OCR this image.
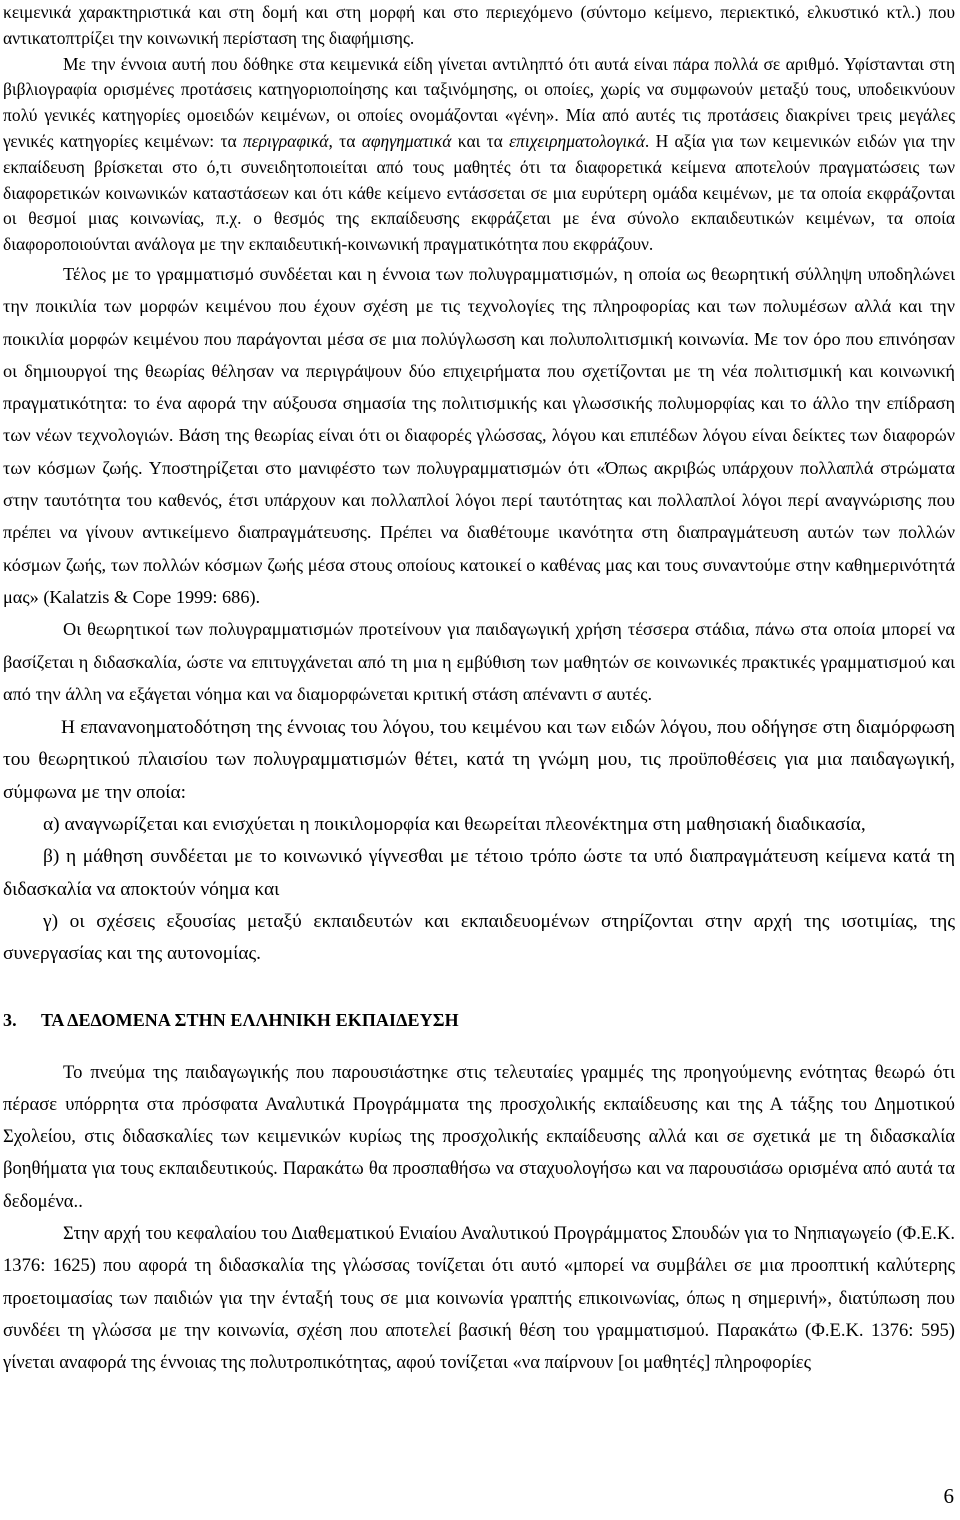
κειμενικά χαρακτηριστικά και στη δομή και στη μορφή και στο περιεχόμενο (σύντομο κείμενο, περιεκτικό, ελκυστικό κτλ.) που αντικατοπτρίζει την κοινωνική περίσταση της διαφήμισης.
Με την έννοια αυτή που δόθηκε στα κειμενικά είδη γίνεται αντιληπτό ότι αυτά είναι πάρα πολλά σε αριθμό. Υφίστανται στη βιβλιογραφία ορισμένες προτάσεις κατηγοριοποίησης και ταξινόμησης, οι οποίες, χωρίς να συμφωνούν μεταξύ τους, υποδεικνύουν πολύ γενικές κατηγορίες ομοειδών κειμένων, οι οποίες ονομάζονται «γένη». Μία από αυτές τις προτάσεις διακρίνει τρεις μεγάλες γενικές κατηγορίες κειμένων: τα περιγραφικά, τα αφηγηματικά και τα επιχειρηματολογικά. Η αξία για των κειμενικών ειδών για την εκπαίδευση βρίσκεται στο ό,τι συνειδητοποιείται από τους μαθητές ότι τα διαφορετικά κείμενα αποτελούν πραγματώσεις των διαφορετικών κοινωνικών καταστάσεων και ότι κάθε κείμενο εντάσσεται σε μια ευρύτερη ομάδα κειμένων, με τα οποία εκφράζονται οι θεσμοί μιας κοινωνίας, π.χ. ο θεσμός της εκπαίδευσης εκφράζεται με ένα σύνολο εκπαιδευτικών κειμένων, τα οποία διαφοροποιούνται ανάλογα με την εκπαιδευτική-κοινωνική πραγματικότητα που εκφράζουν.

Τέλος με το γραμματισμό συνδέεται και η έννοια των πολυγραμματισμών, η οποία ως θεωρητική σύλληψη υποδηλώνει την ποικιλία των μορφών κειμένου που έχουν σχέση με τις τεχνολογίες της πληροφορίας και των πολυμέσων αλλά και την ποικιλία μορφών κειμένου που παράγονται μέσα σε μια πολύγλωσση και πολυπολιτισμική κοινωνία. Με τον όρο που επινόησαν οι δημιουργοί της θεωρίας θέλησαν να περιγράψουν δύο επιχειρήματα που σχετίζονται με τη νέα πολιτισμική και κοινωνική πραγματικότητα: το ένα αφορά την αύξουσα σημασία της πολιτισμικής και γλωσσικής πολυμορφίας και το άλλο την επίδραση των νέων τεχνολογιών. Βάση της θεωρίας είναι ότι οι διαφορές γλώσσας, λόγου και επιπέδων λόγου είναι δείκτες των διαφορών των κόσμων ζωής. Υποστηρίζεται στο μανιφέστο των πολυγραμματισμών ότι «Όπως ακριβώς υπάρχουν πολλαπλά στρώματα στην ταυτότητα του καθενός, έτσι υπάρχουν και πολλαπλοί λόγοι περί ταυτότητας και πολλαπλοί λόγοι περί αναγνώρισης που πρέπει να γίνουν αντικείμενο διαπραγμάτευσης. Πρέπει να διαθέτουμε ικανότητα στη διαπραγμάτευση αυτών των πολλών κόσμων ζωής, των πολλών κόσμων ζωής μέσα στους οποίους κατοικεί ο καθένας μας και τους συναντούμε στην καθημερινότητά μας» (Kalatzis & Cope 1999: 686).

Οι θεωρητικοί των πολυγραμματισμών προτείνουν για παιδαγωγική χρήση τέσσερα στάδια, πάνω στα οποία μπορεί να βασίζεται η διδασκαλία, ώστε να επιτυγχάνεται από τη μια η εμβύθιση των μαθητών σε κοινωνικές πρακτικές γραμματισμού και από την άλλη να εξάγεται νόημα και να διαμορφώνεται κριτική στάση απέναντι σ αυτές.

Η επανανοηματοδότηση της έννοιας του λόγου, του κειμένου και των ειδών λόγου, που οδήγησε στη διαμόρφωση του θεωρητικού πλαισίου των πολυγραμματισμών θέτει, κατά τη γνώμη μου, τις προϋποθέσεις για μια παιδαγωγική, σύμφωνα με την οποία:

α) αναγνωρίζεται και ενισχύεται η ποικιλομορφία και θεωρείται πλεονέκτημα στη μαθησιακή διαδικασία,

β) η μάθηση συνδέεται με το κοινωνικό γίγνεσθαι με τέτοιο τρόπο ώστε τα υπό διαπραγμάτευση κείμενα κατά τη διδασκαλία να αποκτούν νόημα και

γ) οι σχέσεις εξουσίας μεταξύ εκπαιδευτών και εκπαιδευομένων στηρίζονται στην αρχή της ισοτιμίας, της συνεργασίας και της αυτονομίας.

3. ΤΑ ΔΕΔΟΜΕΝΑ ΣΤΗΝ ΕΛΛΗΝΙΚΗ ΕΚΠΑΙΔΕΥΣΗ

Το πνεύμα της παιδαγωγικής που παρουσιάστηκε στις τελευταίες γραμμές της προηγούμενης ενότητας θεωρώ ότι πέρασε υπόρρητα στα πρόσφατα Αναλυτικά Προγράμματα της προσχολικής εκπαίδευσης και της Α τάξης του Δημοτικού Σχολείου, στις διδασκαλίες των κειμενικών κυρίως της προσχολικής εκπαίδευσης αλλά και σε σχετικά με τη διδασκαλία βοηθήματα για τους εκπαιδευτικούς. Παρακάτω θα προσπαθήσω να σταχυολογήσω και να παρουσιάσω ορισμένα από αυτά τα δεδομένα..

Στην αρχή του κεφαλαίου του Διαθεματικού Ενιαίου Αναλυτικού Προγράμματος Σπουδών για το Νηπιαγωγείο (Φ.Ε.Κ. 1376: 1625) που αφορά τη διδασκαλία της γλώσσας τονίζεται ότι αυτό «μπορεί να συμβάλει σε μια προοπτική καλύτερης προετοιμασίας των παιδιών για την ένταξή τους σε μια κοινωνία γραπτής επικοινωνίας, όπως η σημερινή», διατύπωση που συνδέει τη γλώσσα με την κοινωνία, σχέση που αποτελεί βασική θέση του γραμματισμού. Παρακάτω (Φ.Ε.Κ. 1376: 595) γίνεται αναφορά της έννοιας της πολυτροπικότητας, αφού τονίζεται «να παίρνουν [οι μαθητές] πληροφορίες

6
